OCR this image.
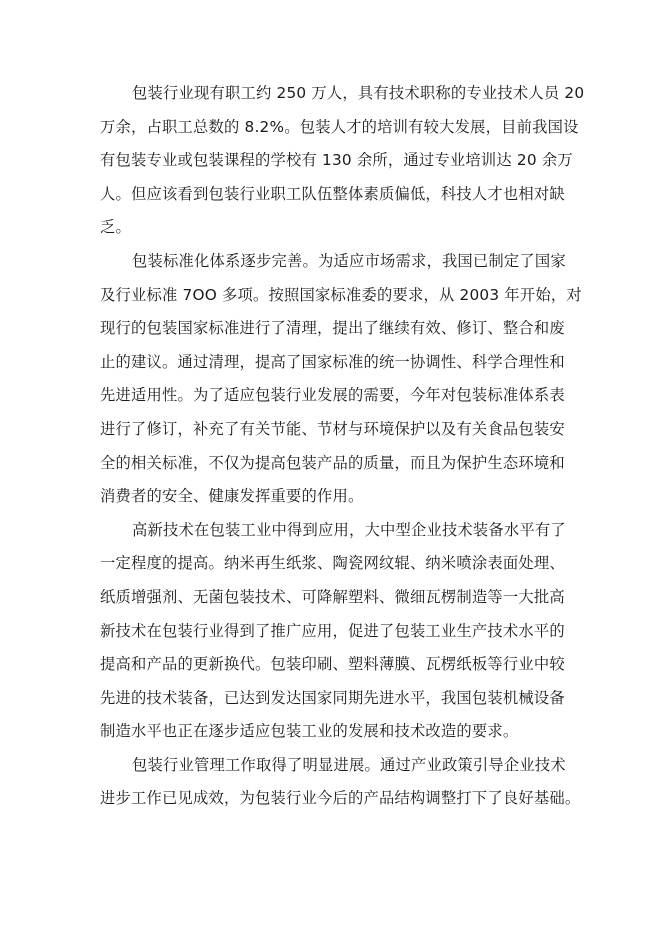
包装行业现有职工约 250 万人，具有技术职称的专业技术人员 20
万余，占职工总数的 8.2%。包装人才的培训有较大发展，目前我国设
有包装专业或包装课程的学校有 130 余所，通过专业培训达 20 余万
人。但应该看到包装行业职工队伍整体素质偏低，科技人才也相对缺
乏。
包装标准化体系逐步完善。为适应市场需求，我国已制定了国家
及行业标准 7OO 多项。按照国家标准委的要求，从 2003 年开始，对
现行的包装国家标准进行了清理，提出了继续有效、修订、整合和废
止的建议。通过清理，提高了国家标准的统一协调性、科学合理性和
先进适用性。为了适应包装行业发展的需要，今年对包装标准体系表
进行了修订，补充了有关节能、节材与环境保护以及有关食品包装安
全的相关标准，不仅为提高包装产品的质量，而且为保护生态环境和
消费者的安全、健康发挥重要的作用。
高新技术在包装工业中得到应用，大中型企业技术装备水平有了
一定程度的提高。纳米再生纸浆、陶瓷网纹辊、纳米喷涂表面处理、
纸质增强剂、无菌包装技术、可降解塑料、微细瓦楞制造等一大批高
新技术在包装行业得到了推广应用，促进了包装工业生产技术水平的
提高和产品的更新换代。包装印刷、塑料薄膜、瓦楞纸板等行业中较
先进的技术装备，已达到发达国家同期先进水平，我国包装机械设备
制造水平也正在逐步适应包装工业的发展和技术改造的要求。
包装行业管理工作取得了明显进展。通过产业政策引导企业技术
进步工作已见成效，为包装行业今后的产品结构调整打下了良好基础。
